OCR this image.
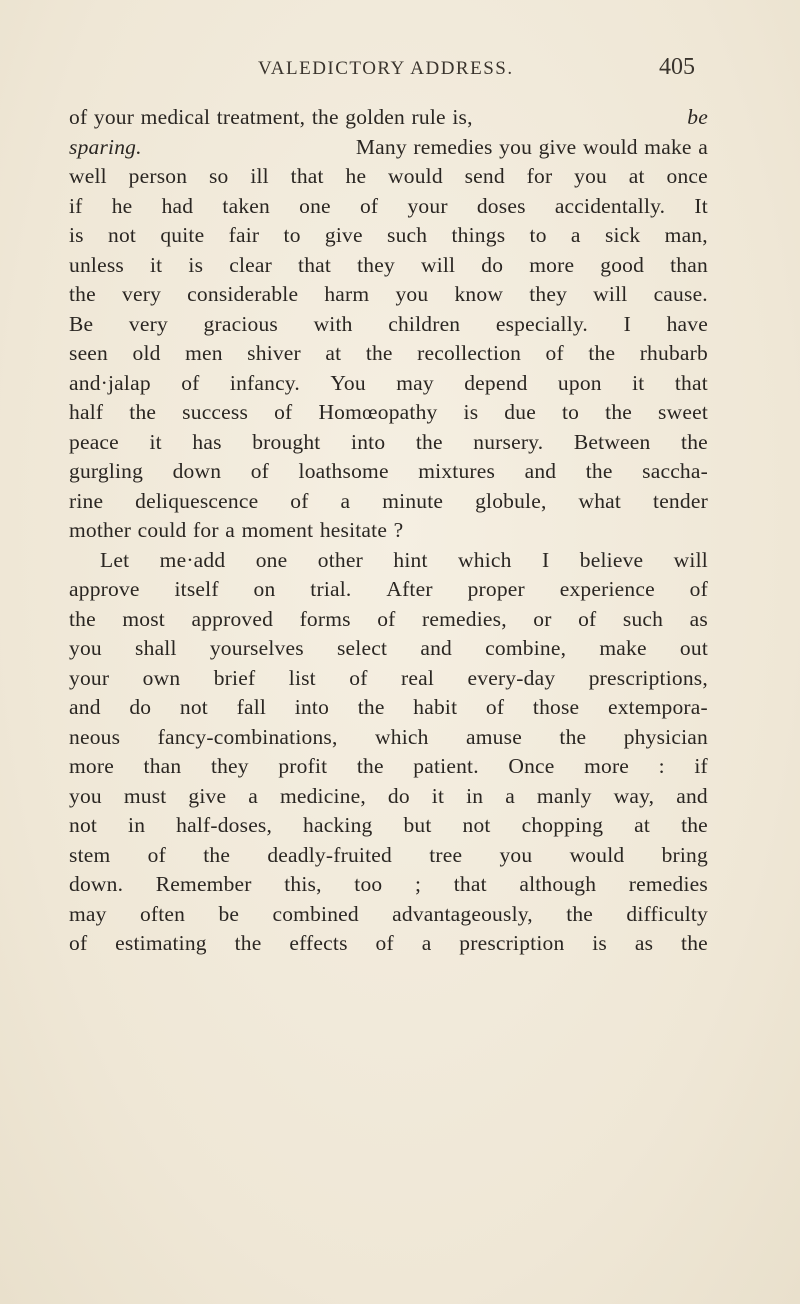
VALEDICTORY ADDRESS.	405
of your medical treatment, the golden rule is,	be
sparing.	Many remedies you give would make a
well person so ill that he would send for you at once
if he had taken one of your doses accidentally. It
is not quite fair to give such things to a sick man,
unless it is clear that they will do more good than
the very considerable harm you know they will cause.
Be very gracious with children especially. I have
seen old men shiver at the recollection of the rhubarb
and·jalap of infancy. You may depend upon it that
half the success of Homœopathy is due to the sweet
peace it has brought into the nursery. Between the
gurgling down of loathsome mixtures and the saccha-
rine deliquescence of a minute globule, what tender
mother could for a moment hesitate ?
Let me·add one other hint which I believe will
approve itself on trial. After proper experience of
the most approved forms of remedies, or of such as
you shall yourselves select and combine, make out
your own brief list of real every-day prescriptions,
and do not fall into the habit of those extempora-
neous fancy-combinations, which amuse the physician
more than they profit the patient. Once more : if
you must give a medicine, do it in a manly way, and
not in half-doses, hacking but not chopping at the
stem of the deadly-fruited tree you would bring
down. Remember this, too ; that although remedies
may often be combined advantageously, the difficulty
of estimating the effects of a prescription is as the
